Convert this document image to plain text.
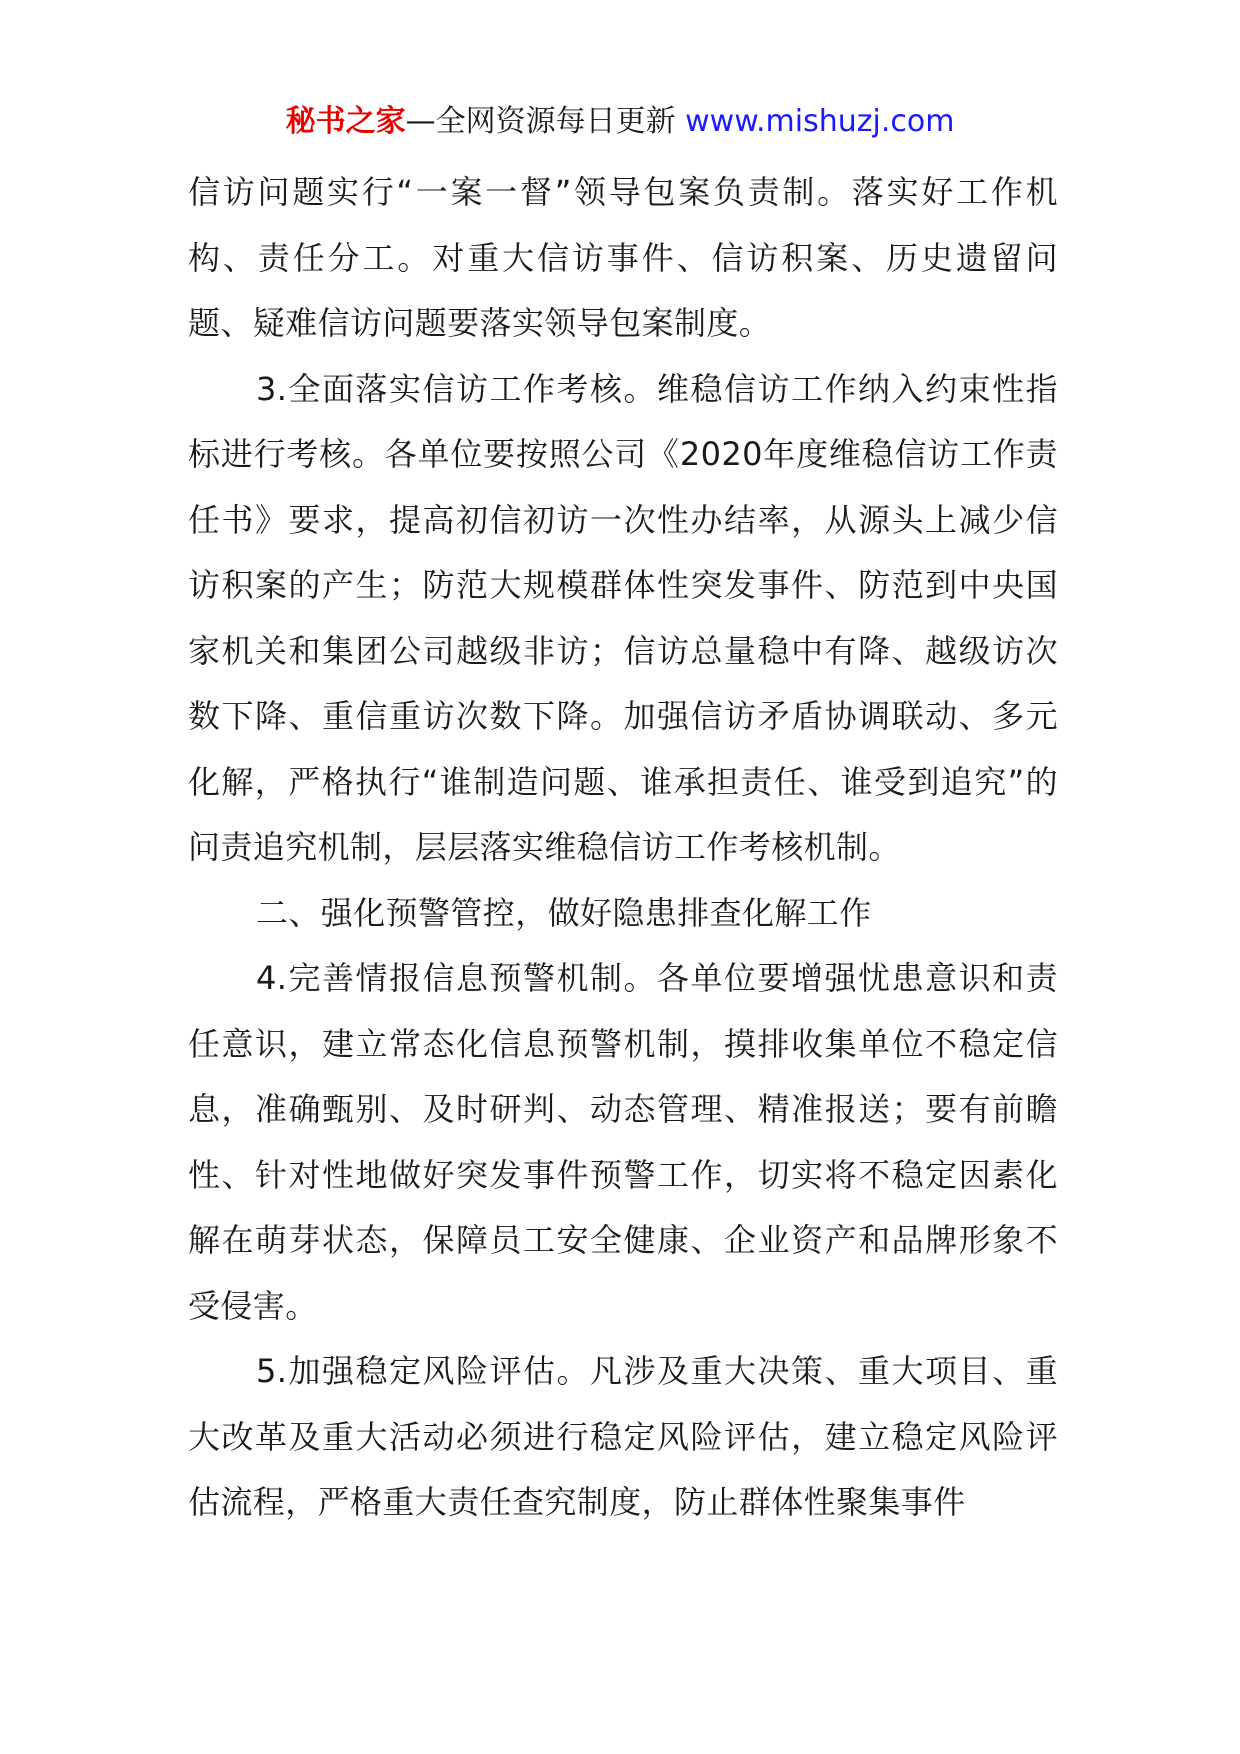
秘书之家—全网资源每日更新 www.mishuzj.com

信访问题实行“一案一督”领导包案负责制。落实好工作机构、责任分工。对重大信访事件、信访积案、历史遗留问题、疑难信访问题要落实领导包案制度。

3.全面落实信访工作考核。维稳信访工作纳入约束性指标进行考核。各单位要按照公司《2020年度维稳信访工作责任书》要求，提高初信初访一次性办结率，从源头上减少信访积案的产生；防范大规模群体性突发事件、防范到中央国家机关和集团公司越级非访；信访总量稳中有降、越级访次数下降、重信重访次数下降。加强信访矛盾协调联动、多元化解，严格执行“谁制造问题、谁承担责任、谁受到追究”的问责追究机制，层层落实维稳信访工作考核机制。

二、强化预警管控，做好隐患排查化解工作

4.完善情报信息预警机制。各单位要增强忧患意识和责任意识，建立常态化信息预警机制，摸排收集单位不稳定信息，准确甄别、及时研判、动态管理、精准报送；要有前瞻性、针对性地做好突发事件预警工作，切实将不稳定因素化解在萌芽状态，保障员工安全健康、企业资产和品牌形象不受侵害。

5.加强稳定风险评估。凡涉及重大决策、重大项目、重大改革及重大活动必须进行稳定风险评估，建立稳定风险评估流程，严格重大责任查究制度，防止群体性聚集事件
